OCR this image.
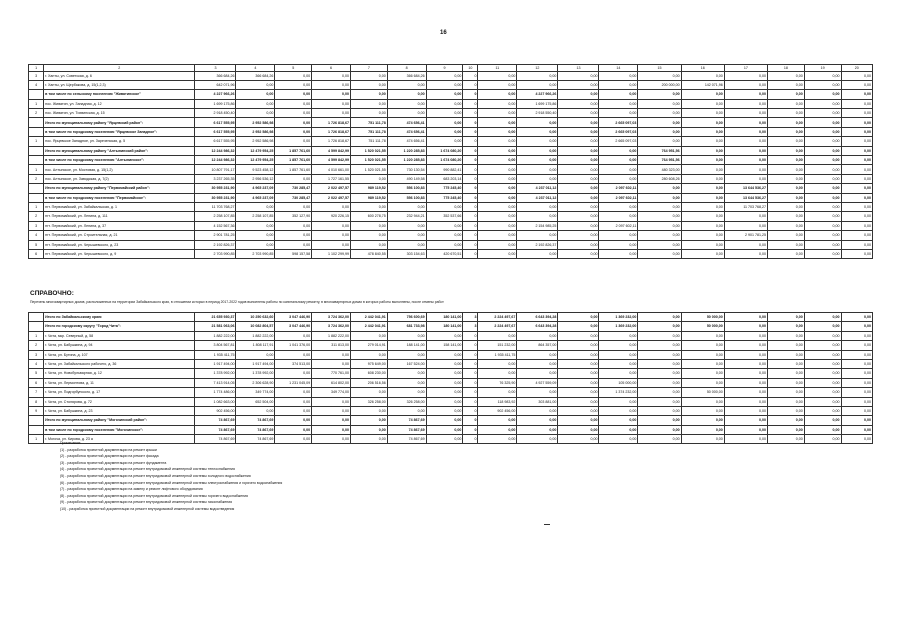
16
1	2	3	4	5	6	7	8	9	10	11	12	13	14	15	16	17	18	19	20
3	г. Ханты, ул. Советская, д. 6	366 684,26	366 684,26	0,00	0,00	0,00	366 684,26	0,00	0	0,00	0,00	0,00	0,00	0,00	0,00	0,00	0,00	0,00	0,00
4	г. Ханты, ул. Щербакова, д. 15(1,2,3)	642 071,96	0,00	0,00	0,00	0,00	0,00	0,00	0	0,00	0,00	0,00	0,00	200 000,00	142 071,96	0,00	0,00	0,00	0,00
	в том числе по сельскому поселению "Живатинское"	4 227 966,26	0,00	0,00	0,00	0,00	0,00	0,00	0	0,00	4 227 966,26	0,00	0,00	0,00	0,00	0,00	0,00	0,00	0,00
1	пос. Живатин, ул. Западная, д. 12	1 699 175,86	0,00	0,00	0,00	0,00	0,00	0,00	0	0,00	1 699 175,86	0,00	0,00	0,00	0,00	0,00	0,00	0,00	0,00
2	пос. Живатин, ул. Тихвинская, д. 15	2 918 450,40	0,00	0,00	0,00	0,00	0,00	0,00	0	0,00	2 918 550,40	0,00	0,00	0,00	0,00	0,00	0,00	0,00	0,00
	Итого по муниципальному району "Ярцевский район":	6 617 555,95	2 952 586,98	0,00	1 726 818,67	751 111,78	474 656,41	0,00	0	0,00	0,00	0,00	2 665 097,03	0,00	0,00	0,00	0,00	0,00	0,00
	в том числе по городскому поселению "Ярцевское Западное":	6 617 555,95	2 952 586,98	0,00	1 726 818,67	751 111,78	474 656,41	0,00	0	0,00	0,00	0,00	2 665 097,03	0,00	0,00	0,00	0,00	0,00	0,00
1	пос. Ярцевское Западное, ул. Зареченская, д. 5	6 617 555,95	2 952 586,98	0,00	1 726 818,67	751 111,78	474 656,41	0,00	0	0,00	0,00	0,00	2 665 097,03	0,00	0,00	0,00	0,00	0,00	0,00
	Итого по муниципальному району "Алтынинский район":	12 244 986,32	12 479 954,25	1 857 761,60	4 599 842,99	1 520 021,55	1 220 285,83	1 674 080,20	0	0,00	0,00	0,00	0,00	764 951,56	0,00	0,00	0,00	0,00	0,00
	в том числе по городскому поселению "Алтынинское":	12 244 986,32	12 479 954,25	1 857 761,60	4 599 842,99	1 520 021,55	1 220 285,83	1 674 080,20	0	0,00	0,00	0,00	0,00	764 951,56	0,00	0,00	0,00	0,00	0,00
1	пос. Алтынское, ул. Мостовая, д. 15(1,2)	10 807 791,17	9 523 458,12	1 857 761,60	4 010 661,00	1 520 021,55	730 130,54	990 882,41	0	0,00	0,00	0,00	0,00	480 323,00	0,00	0,00	0,00	0,00	0,00
2	пос. Алтынское, ул. Заводская, д. 7(2)	3 237 265,35	2 956 536,12	0,00	1 727 161,55	0,00	490 149,58	683 203,14	0	0,00	0,00	0,00	0,00	280 608,26	0,00	0,00	0,00	0,00	0,00
	Итого по муниципальному району "Первомайский район":	30 955 231,90	4 965 237,09	730 285,47	2 022 497,57	989 119,52	556 100,83	775 245,40	0	0,00	4 237 011,12	0,00	2 097 602,11	0,00	0,00	13 644 536,27	0,00	0,00	0,00
	в том числе по городскому поселению "Первомайское":	30 955 231,90	4 965 237,09	730 285,47	2 022 497,57	989 119,52	556 100,83	775 245,40	0	0,00	4 237 011,12	0,00	2 097 602,11	0,00	0,00	13 644 536,27	0,00	0,00	0,00
1	пгт. Первомайский, ул. Забайкальская, д. 1	11 703 768,27	0,00	0,00	0,00	0,00	0,00	0,00	0	0,00	0,00	0,00	0,00	0,00	0,00	11 703 768,27	0,00	0,00	0,00
2	пгт. Первомайский, ул. Ленина, д. 111	2 258 107,85	2 258 107,85	352 127,90	920 226,15	600 278,75	232 944,21	352 537,66	0	0,00	0,00	0,00	0,00	0,00	0,00	0,00	0,00	0,00	0,00
3	пгт. Первомайский, ул. Ленина, д. 37	4 152 567,36	0,00	0,00	0,00	0,00	0,00	0,00	0	0,00	2 154 985,25	0,00	2 097 602,11	0,00	0,00	0,00	0,00	0,00	0,00
4	пгт. Первомайский, ул. Строительная, д. 21	2 901 781,25	0,00	0,00	0,00	0,00	0,00	0,00	0	0,00	0,00	0,00	0,00	0,00	0,00	2 901 781,25	0,00	0,00	0,00
5	пгт. Первомайский, ул. Черышевского, д. 23	2 192 826,37	0,00	0,00	0,00	0,00	0,00	0,00	0	0,00	2 192 826,37	0,00	0,00	0,00	0,00	0,00	0,00	0,00	0,00
6	пгт. Первомайский, ул. Черышевского, д. 9	2 703 990,85	2 703 990,85	598 157,58	1 102 299,99	478 840,55	303 154,63	420 670,51	0	0,00	0,00	0,00	0,00	0,00	0,00	0,00	0,00	0,00	0,00
СПРАВОЧНО:
Перечень многоквартирных домов, расположенных на территории Забайкальского края, в отношении которых в период 2017-2022 годов выполнены работы по капитальному ремонту, в многоквартирных домах в которых работы выполнены, после отмены работ
	Итого по Забайкальскому краю:	21 655 930,37	10 250 632,60	3 047 446,90	3 724 362,00	2 442 041,91	756 600,69	180 141,00	3	2 224 497,67	6 643 394,28	0,00	1 369 232,00	0,00	50 000,00	0,00	0,00	0,00	0,00
	Итого по городскому округу "Город Чита":	21 581 063,06	10 082 804,57	3 047 446,90	3 724 362,00	2 442 041,91	681 733,98	180 141,00	3	2 224 497,67	6 643 394,28	0,00	1 369 232,00	0,00	50 000,00	0,00	0,00	0,00	0,00
1	г. Чита, мкр. Северный, д. 58	1 882 222,00	1 882 222,00	0,00	1 882 222,00	0,00	0,00	0,00	0	0,00	0,00	0,00	0,00	0,00	0,00	0,00	0,00	0,00	0,00
2	г. Чита, ул. Бабушкина, д. 94	3 804 567,81	1 808 117,91	1 041 376,00	311 813,00	279 014,91	188 141,00	158 141,00	0	151 232,00	864 357,00	0,00	0,00	0,00	0,00	0,00	0,00	0,00	0,00
3	г. Чита, ул. Бутина, д. 107	1 935 411,75	0,00	0,00	0,00	0,00	0,00	0,00	0	1 935 411,75	0,00	0,00	0,00	0,00	0,00	0,00	0,00	0,00	0,00
4	г. Чита, ул. Забайкальского рабочего, д. 36	1 917 494,00	1 917 494,00	374 513,00	0,00	975 649,00	167 524,00	0,00	0	0,00	0,00	0,00	0,00	0,00	0,00	0,00	0,00	0,00	0,00
5	г. Чита, ул. Новобульварная, д. 12	1 378 992,00	1 378 992,00	0,00	770 761,00	608 230,00	0,00	0,00	0	0,00	0,00	0,00	0,00	0,00	0,00	0,00	0,00	0,00	0,00
6	г. Чита, ул. Лермонтова, д. 11	7 413 914,05	2 306 628,90	1 231 045,09	614 802,00	206 516,56	0,00	0,00	0	76 325,90	4 927 559,09	0,00	105 000,00	0,00	0,00	0,00	0,00	0,00	0,00
7	г. Чита, ул. Подгорбунского, д. 17	1 774 486,00	349 774,00	0,00	349 774,00	0,00	0,00	0,00	0	0,00	0,00	0,00	1 374 232,00	0,00	50 000,00	0,00	0,00	0,00	0,00
8	г. Чита, ул. Столярова, д. 72	1 082 663,00	652 504,00	0,00	0,00	326 258,00	326 258,00	0,00	0	118 983,92	303 881,00	0,00	0,00	0,00	0,00	0,00	0,00	0,00	0,00
9	г. Чита, ул. Бабушкина, д. 23	902 456,00	0,00	0,00	0,00	0,00	0,00	0,00	0	902 456,00	0,00	0,00	0,00	0,00	0,00	0,00	0,00	0,00	0,00
	Итого по муниципальному району "Могочинский район":	74 867,69	74 867,69	0,00	0,00	0,00	74 867,69	0,00	0	0,00	0,00	0,00	0,00	0,00	0,00	0,00	0,00	0,00	0,00
	в том числе по городскому поселению "Могочинское":	74 867,69	74 867,69	0,00	0,00	0,00	74 867,69	0,00	0	0,00	0,00	0,00	0,00	0,00	0,00	0,00	0,00	0,00	0,00
1	г. Могоча, ул. Кирова, д. 23 а	74 867,69	74 867,69	0,00	0,00	0,00	74 867,69	0,00	0	0,00	0,00	0,00	0,00	0,00	0,00	0,00	0,00	0,00	0,00
Примечание:
(1) - разработка проектной документации на ремонт крыши
(2) - разработка проектной документации на ремонт фасада
(3) - разработка проектной документации на ремонт фундамента
(4) - разработка проектной документации на ремонт внутридомовой инженерной системы теплоснабжения
(5) - разработка проектной документации на ремонт внутридомовой инженерной системы холодного водоснабжения
(6) - разработка проектной документации на ремонт внутридомовой инженерной системы электроснабжения и горячего водоснабжения
(7) - разработка проектной документации на замену и ремонт лифтового оборудования
(8) - разработка проектной документации на ремонт внутридомовой инженерной системы горячего водоснабжения
(9) - разработка проектной документации на ремонт внутридомовой инженерной системы газоснабжения
(10) - разработка проектной документации на ремонт внутридомовой инженерной системы водоотведения
